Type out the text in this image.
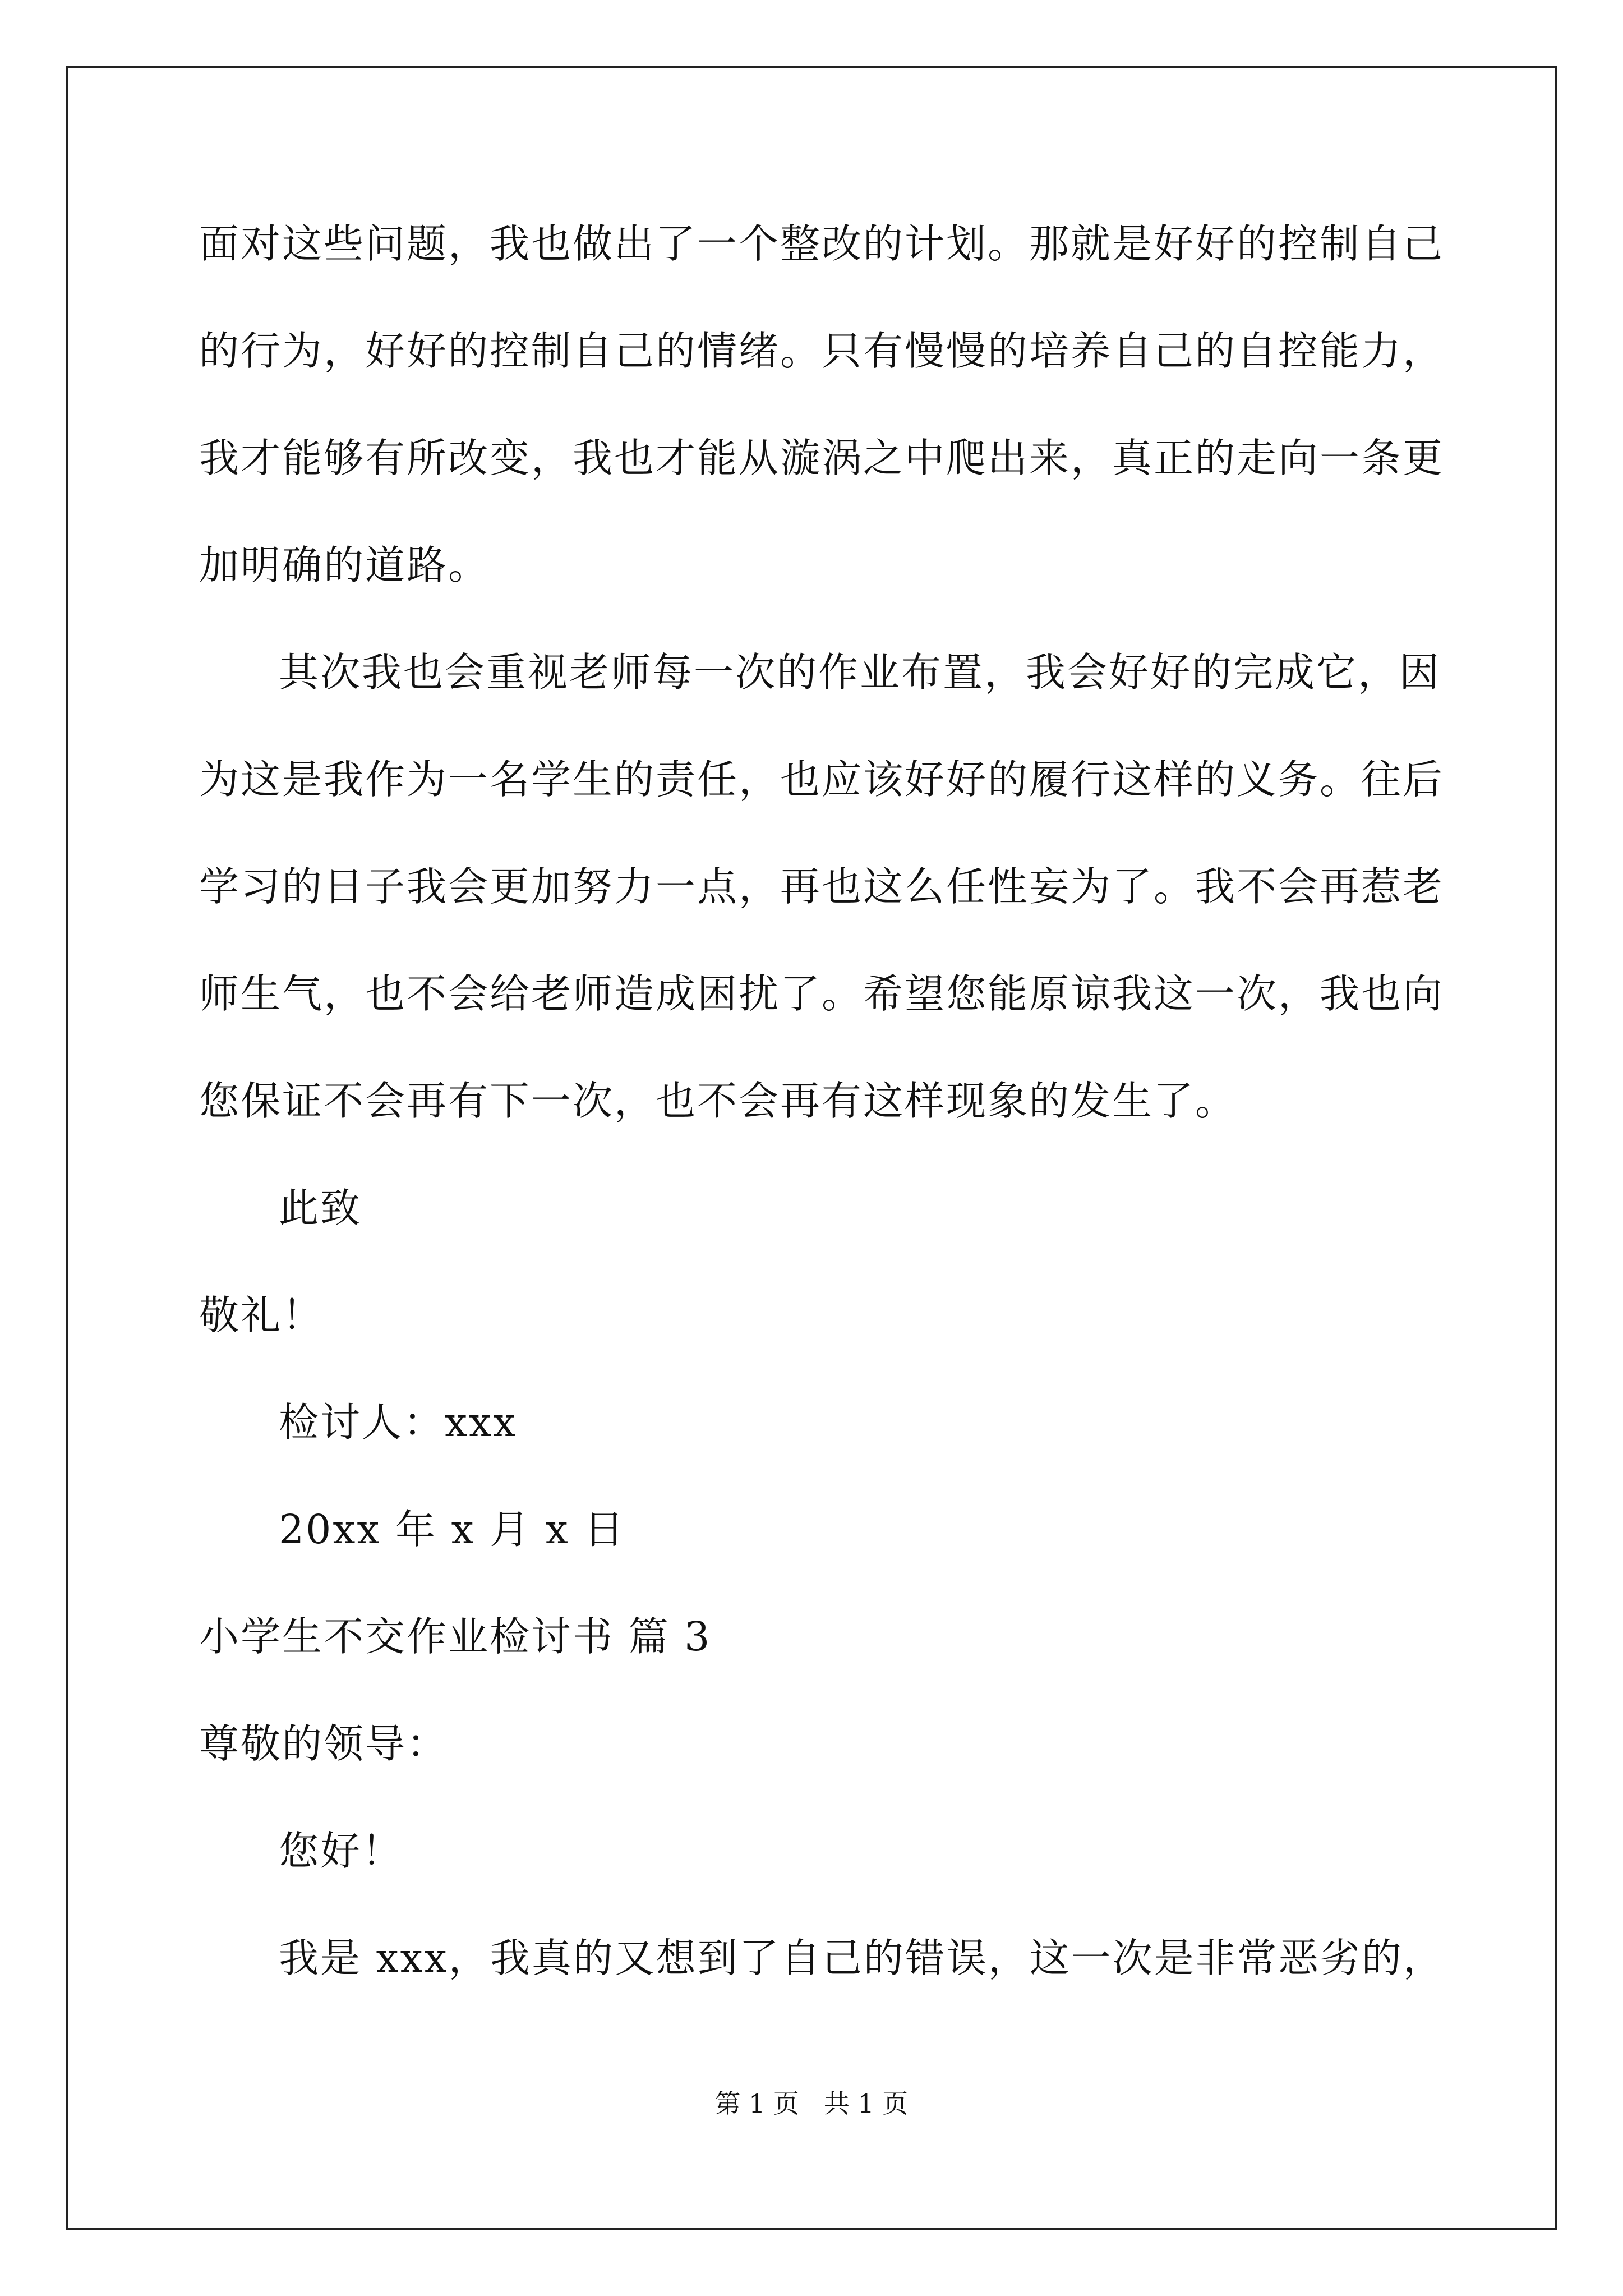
面对这些问题，我也做出了一个整改的计划。那就是好好的控制自己
的行为，好好的控制自己的情绪。只有慢慢的培养自己的自控能力，
我才能够有所改变，我也才能从漩涡之中爬出来，真正的走向一条更
加明确的道路。
其次我也会重视老师每一次的作业布置，我会好好的完成它，因
为这是我作为一名学生的责任，也应该好好的履行这样的义务。往后
学习的日子我会更加努力一点，再也这么任性妄为了。我不会再惹老
师生气，也不会给老师造成困扰了。希望您能原谅我这一次，我也向
您保证不会再有下一次，也不会再有这样现象的发生了。
此致
敬礼！
检讨人：xxx
20xx 年 x 月 x 日
小学生不交作业检讨书 篇 3
尊敬的领导：
您好！
我是 xxx，我真的又想到了自己的错误，这一次是非常恶劣的，
第 1 页   共 1 页
